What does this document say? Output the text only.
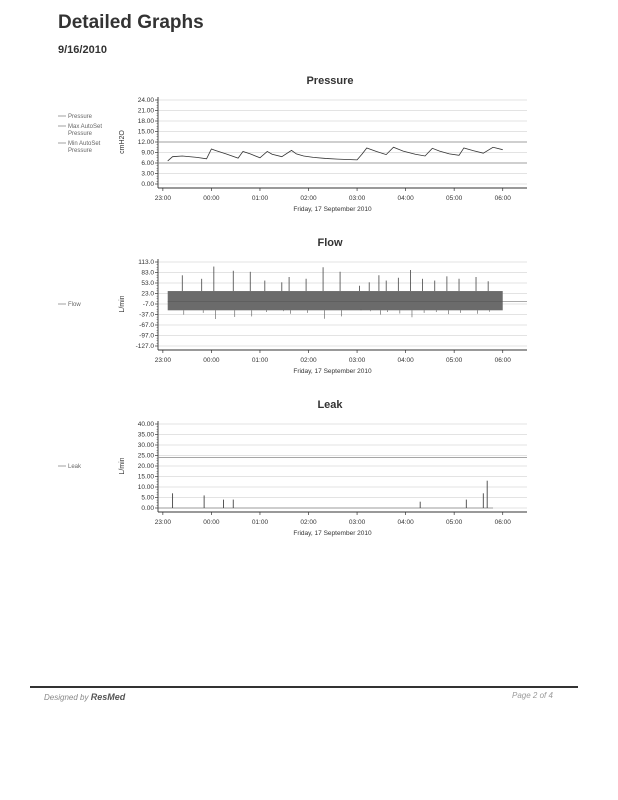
Detailed Graphs
9/16/2010
Pressure
24.00
21.00
18.00
15.00
12.00
9.00
6.00
3.00
0.00
23:00	00:00	01:00	02:00	03:00	04:00	05:00	06:00
Friday, 17 September 2010
cmH2O
Pressure
Max AutoSet
Pressure
Min AutoSet
Pressure
Flow
113.0
83.0
53.0
23.0
-7.0
-37.0
-67.0
-97.0
-127.0
23:00	00:00	01:00	02:00	03:00	04:00	05:00	06:00
Friday, 17 September 2010
L/min
Flow
Leak
40.00
35.00
30.00
25.00
20.00
15.00
10.00
5.00
0.00
23:00	00:00	01:00	02:00	03:00	04:00	05:00	06:00
Friday, 17 September 2010
L/min
Leak
Designed by ResMed	Page 2 of 4
